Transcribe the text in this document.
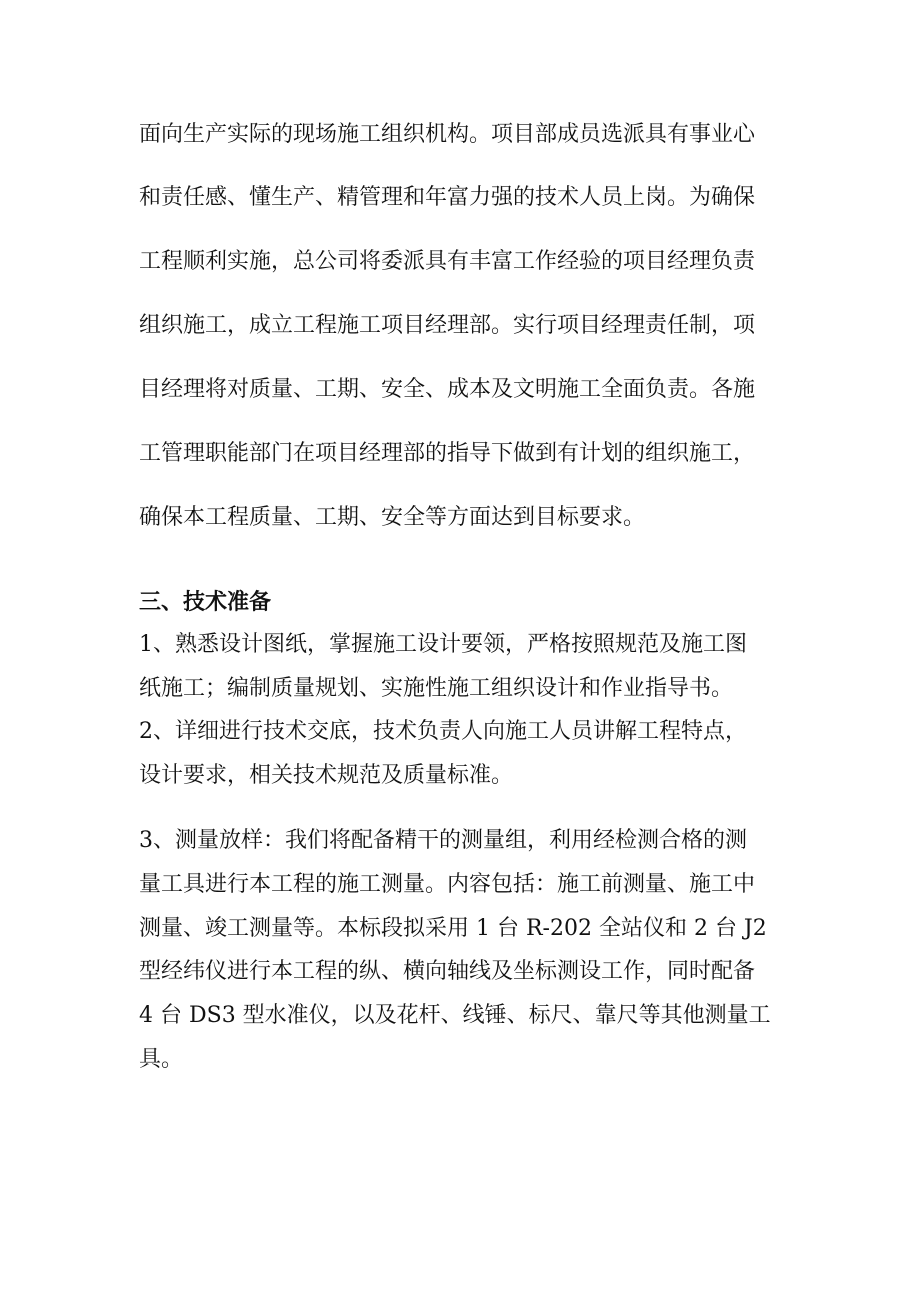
面向生产实际的现场施工组织机构。项目部成员选派具有事业心
和责任感、懂生产、精管理和年富力强的技术人员上岗。为确保
工程顺利实施，总公司将委派具有丰富工作经验的项目经理负责
组织施工，成立工程施工项目经理部。实行项目经理责任制，项
目经理将对质量、工期、安全、成本及文明施工全面负责。各施
工管理职能部门在项目经理部的指导下做到有计划的组织施工，
确保本工程质量、工期、安全等方面达到目标要求。
三、技术准备
1、熟悉设计图纸，掌握施工设计要领，严格按照规范及施工图
纸施工；编制质量规划、实施性施工组织设计和作业指导书。
2、详细进行技术交底，技术负责人向施工人员讲解工程特点，
设计要求，相关技术规范及质量标准。
3、测量放样：我们将配备精干的测量组，利用经检测合格的测
量工具进行本工程的施工测量。内容包括：施工前测量、施工中
测量、竣工测量等。本标段拟采用 1 台 R-202 全站仪和 2 台 J2
型经纬仪进行本工程的纵、横向轴线及坐标测设工作，同时配备
4 台 DS3 型水准仪，以及花杆、线锤、标尺、靠尺等其他测量工
具。
